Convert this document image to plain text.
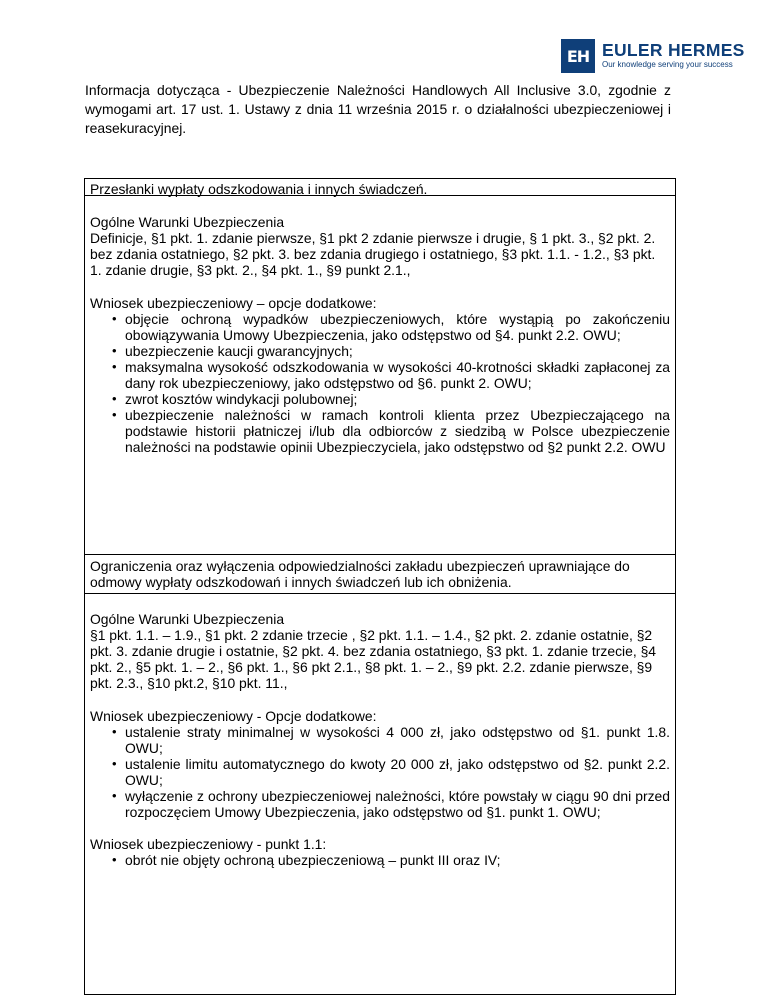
EH EULER HERMES
Our knowledge serving your success

Informacja dotycząca - Ubezpieczenie Należności Handlowych All Inclusive 3.0, zgodnie z wymogami art. 17 ust. 1. Ustawy z dnia 11 września 2015 r. o działalności ubezpieczeniowej i reasekuracyjnej.

Przesłanki wypłaty odszkodowania i innych świadczeń.

Ogólne Warunki Ubezpieczenia

Definicje, §1 pkt. 1. zdanie pierwsze, §1 pkt 2 zdanie pierwsze i drugie, § 1 pkt. 3., §2 pkt. 2. bez zdania ostatniego, §2 pkt. 3. bez zdania drugiego i ostatniego, §3 pkt. 1.1. - 1.2., §3 pkt. 1. zdanie drugie, §3 pkt. 2., §4 pkt. 1., §9 punkt 2.1.,

Wniosek ubezpieczeniowy – opcje dodatkowe:

• objęcie ochroną wypadków ubezpieczeniowych, które wystąpią po zakończeniu obowiązywania Umowy Ubezpieczenia, jako odstępstwo od §4. punkt 2.2. OWU;
• ubezpieczenie kaucji gwarancyjnych;
• maksymalna wysokość odszkodowania w wysokości 40-krotności składki zapłaconej za dany rok ubezpieczeniowy, jako odstępstwo od §6. punkt 2. OWU;
• zwrot kosztów windykacji polubownej;
• ubezpieczenie należności w ramach kontroli klienta przez Ubezpieczającego na podstawie historii płatniczej i/lub dla odbiorców z siedzibą w Polsce ubezpieczenie należności na podstawie opinii Ubezpieczyciela, jako odstępstwo od §2 punkt 2.2. OWU
Ograniczenia oraz wyłączenia odpowiedzialności zakładu ubezpieczeń uprawniające do odmowy wypłaty odszkodowań i innych świadczeń lub ich obniżenia.

Ogólne Warunki Ubezpieczenia

§1 pkt. 1.1. – 1.9., §1 pkt. 2 zdanie trzecie , §2 pkt. 1.1. – 1.4., §2 pkt. 2. zdanie ostatnie, §2 pkt. 3. zdanie drugie i ostatnie, §2 pkt. 4. bez zdania ostatniego, §3 pkt. 1. zdanie trzecie, §4 pkt. 2., §5 pkt. 1. – 2., §6 pkt. 1., §6 pkt 2.1., §8 pkt. 1. – 2., §9 pkt. 2.2. zdanie pierwsze, §9 pkt. 2.3., §10 pkt.2, §10 pkt. 11.,

Wniosek ubezpieczeniowy - Opcje dodatkowe:

• ustalenie straty minimalnej w wysokości 4 000 zł, jako odstępstwo od §1. punkt 1.8. OWU;
• ustalenie limitu automatycznego do kwoty 20 000 zł, jako odstępstwo od §2. punkt 2.2. OWU;
• wyłączenie z ochrony ubezpieczeniowej należności, które powstały w ciągu 90 dni przed rozpoczęciem Umowy Ubezpieczenia, jako odstępstwo od §1. punkt 1. OWU;

Wniosek ubezpieczeniowy - punkt 1.1:

• obrót nie objęty ochroną ubezpieczeniową – punkt III oraz IV;
